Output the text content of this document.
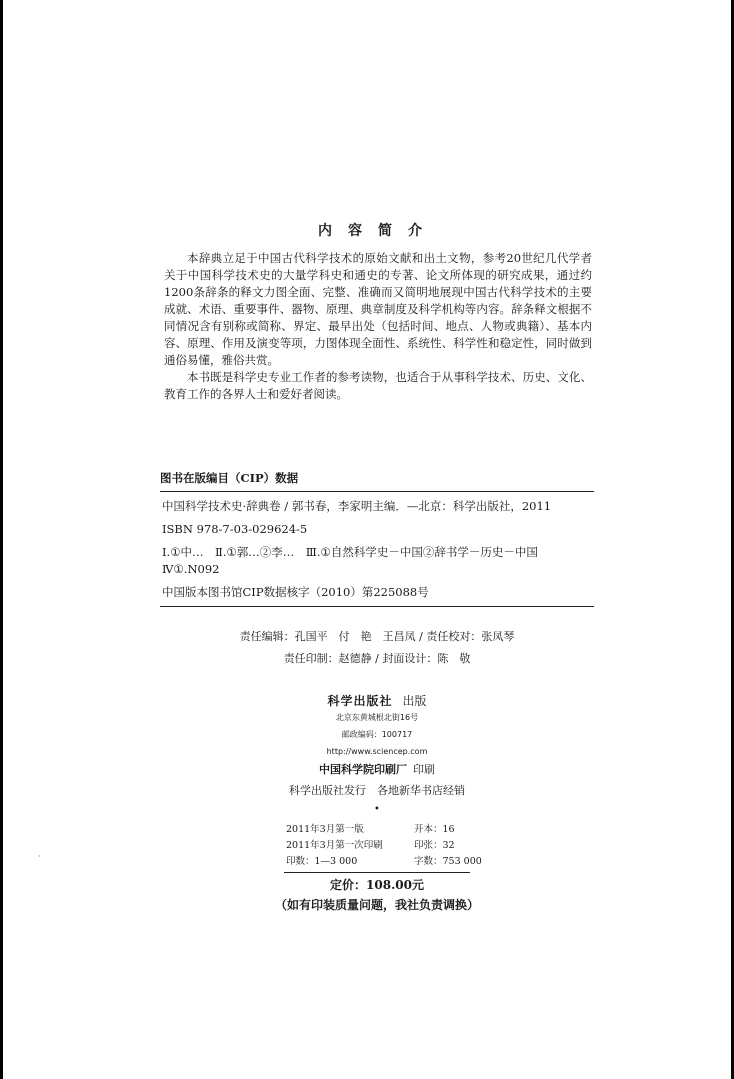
内容简介

本辞典立足于中国古代科学技术的原始文献和出土文物，参考20世纪几代学者关于中国科学技术史的大量学科史和通史的专著、论文所体现的研究成果，通过约1200条辞条的释文力图全面、完整、准确而又简明地展现中国古代科学技术的主要成就、术语、重要事件、器物、原理、典章制度及科学机构等内容。辞条释文根据不同情况含有别称或简称、界定、最早出处（包括时间、地点、人物或典籍）、基本内容、原理、作用及演变等项，力图体现全面性、系统性、科学性和稳定性，同时做到通俗易懂，雅俗共赏。

本书既是科学史专业工作者的参考读物，也适合于从事科学技术、历史、文化、教育工作的各界人士和爱好者阅读。

图书在版编目（CIP）数据

中国科学技术史·辞典卷 / 郭书春，李家明主编．—北京：科学出版社，2011

ISBN 978-7-03-029624-5

Ⅰ.①中…　Ⅱ.①郭…②李…　Ⅲ.①自然科学史－中国②辞书学－历史－中国　Ⅳ①.N092

中国版本图书馆CIP数据核字（2010）第225088号

责任编辑：孔国平　付　艳　王昌凤 / 责任校对：张凤琴
责任印制：赵德静 / 封面设计：陈　敬
科学出版社 出版
北京东黄城根北街16号
邮政编码：100717
http://www.sciencep.com
中国科学院印刷厂 印刷
科学出版社发行　各地新华书店经销
•
2011年3月第一版	开本：16
2011年3月第一次印刷	印张：32
印数：1—3 000	字数：753 000
定价：108.00元
（如有印装质量问题，我社负责调换）
·
